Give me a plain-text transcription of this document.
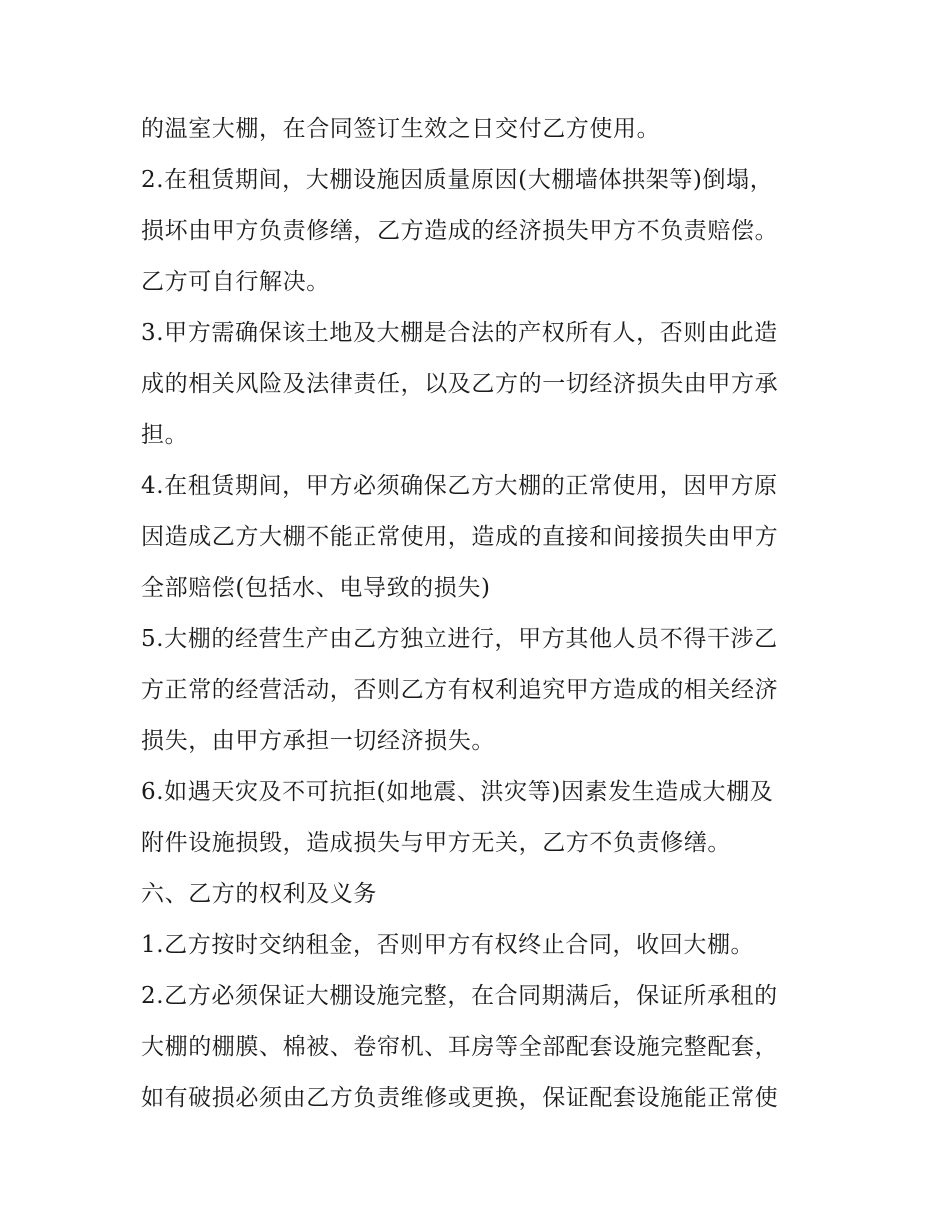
的温室大棚，在合同签订生效之日交付乙方使用。
2.在租赁期间，大棚设施因质量原因(大棚墙体拱架等)倒塌，
损坏由甲方负责修缮，乙方造成的经济损失甲方不负责赔偿。
乙方可自行解决。
3.甲方需确保该土地及大棚是合法的产权所有人，否则由此造
成的相关风险及法律责任，以及乙方的一切经济损失由甲方承
担。
4.在租赁期间，甲方必须确保乙方大棚的正常使用，因甲方原
因造成乙方大棚不能正常使用，造成的直接和间接损失由甲方
全部赔偿(包括水、电导致的损失)
5.大棚的经营生产由乙方独立进行，甲方其他人员不得干涉乙
方正常的经营活动，否则乙方有权利追究甲方造成的相关经济
损失，由甲方承担一切经济损失。
6.如遇天灾及不可抗拒(如地震、洪灾等)因素发生造成大棚及
附件设施损毁，造成损失与甲方无关，乙方不负责修缮。
六、乙方的权利及义务
1.乙方按时交纳租金，否则甲方有权终止合同，收回大棚。
2.乙方必须保证大棚设施完整，在合同期满后，保证所承租的
大棚的棚膜、棉被、卷帘机、耳房等全部配套设施完整配套，
如有破损必须由乙方负责维修或更换，保证配套设施能正常使
